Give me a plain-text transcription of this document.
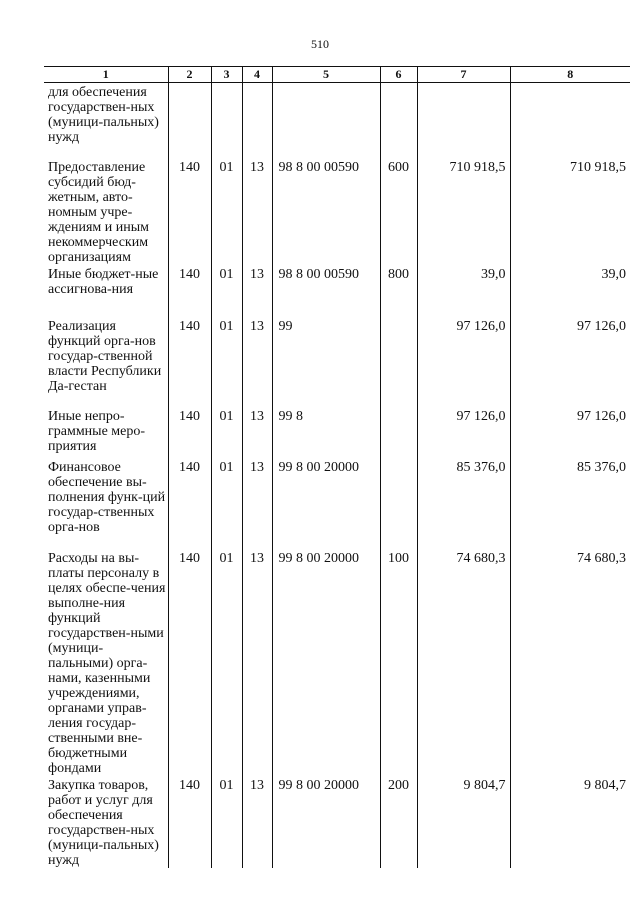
510
1	2	3	4	5	6	7	8
для обеспечения государствен-ных (муници-пальных) нужд							
Предоставление субсидий бюд-жетным, авто-номным учре-ждениям и иным некоммерческим организациям	140	01	13	98 8 00 00590	600	710 918,5	710 918,5
Иные бюджет-ные ассигнова-ния	140	01	13	98 8 00 00590	800	39,0	39,0
Реализация функций орга-нов государ-ственной власти Республики Да-гестан	140	01	13	99		97 126,0	97 126,0
Иные непро-граммные меро-приятия	140	01	13	99 8		97 126,0	97 126,0
Финансовое обеспечение вы-полнения функ-ций государ-ственных орга-нов	140	01	13	99 8 00 20000		85 376,0	85 376,0
Расходы на вы-платы персоналу в целях обеспе-чения выполне-ния функций государствен-ными (муници-пальными) орга-нами, казенными учреждениями, органами управ-ления государ-ственными вне-бюджетными фондами	140	01	13	99 8 00 20000	100	74 680,3	74 680,3
Закупка товаров, работ и услуг для обеспечения государствен-ных (муници-пальных) нужд	140	01	13	99 8 00 20000	200	9 804,7	9 804,7
